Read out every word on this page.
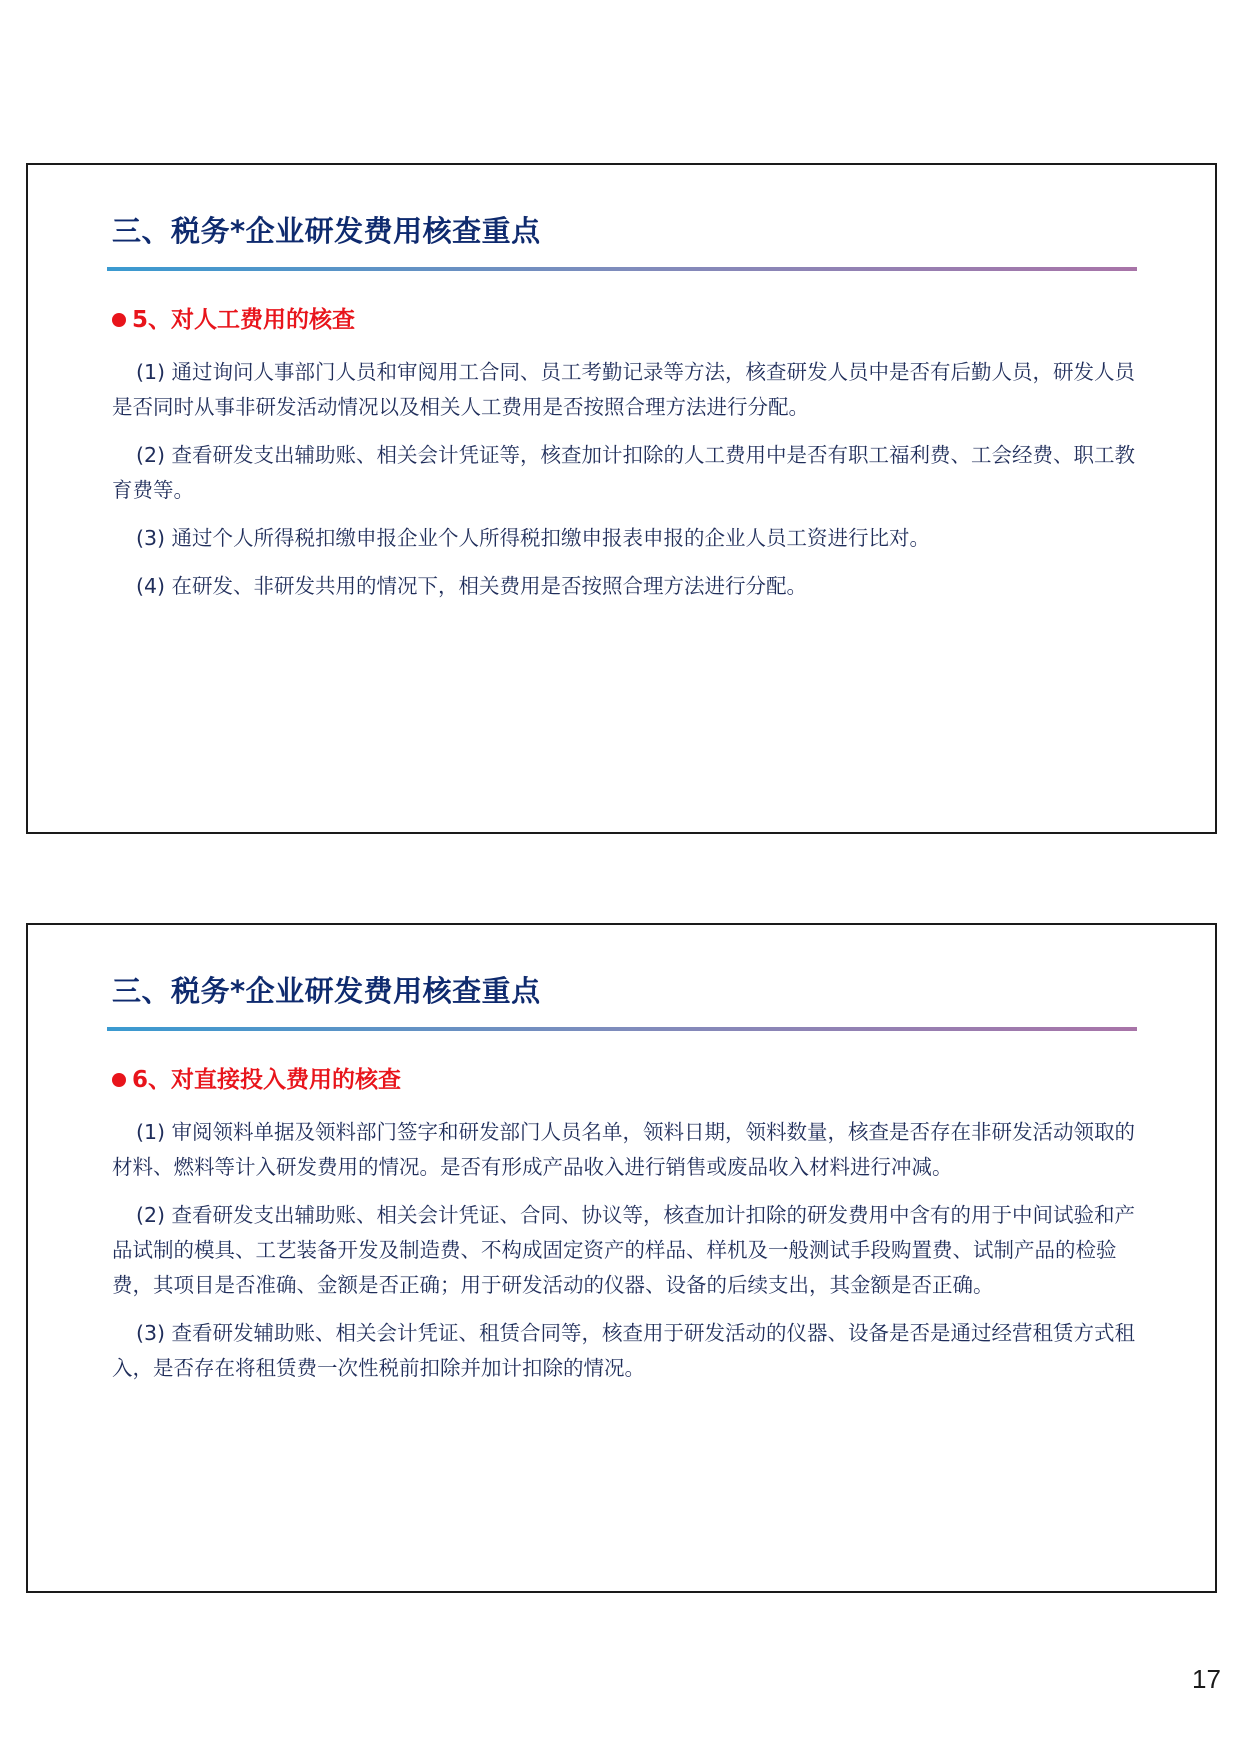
三、税务*企业研发费用核查重点
5、对人工费用的核查

(1) 通过询问人事部门人员和审阅用工合同、员工考勤记录等方法，核查研发人员中是否有后勤人员，研发人员是否同时从事非研发活动情况以及相关人工费用是否按照合理方法进行分配。

(2) 查看研发支出辅助账、相关会计凭证等，核查加计扣除的人工费用中是否有职工福利费、工会经费、职工教育费等。

(3) 通过个人所得税扣缴申报企业个人所得税扣缴申报表申报的企业人员工资进行比对。

(4) 在研发、非研发共用的情况下，相关费用是否按照合理方法进行分配。

三、税务*企业研发费用核查重点
6、对直接投入费用的核查

(1) 审阅领料单据及领料部门签字和研发部门人员名单，领料日期，领料数量，核查是否存在非研发活动领取的材料、燃料等计入研发费用的情况。是否有形成产品收入进行销售或废品收入材料进行冲减。

(2) 查看研发支出辅助账、相关会计凭证、合同、协议等，核查加计扣除的研发费用中含有的用于中间试验和产品试制的模具、工艺装备开发及制造费、不构成固定资产的样品、样机及一般测试手段购置费、试制产品的检验费，其项目是否准确、金额是否正确；用于研发活动的仪器、设备的后续支出，其金额是否正确。

(3) 查看研发辅助账、相关会计凭证、租赁合同等，核查用于研发活动的仪器、设备是否是通过经营租赁方式租入，是否存在将租赁费一次性税前扣除并加计扣除的情况。

17
